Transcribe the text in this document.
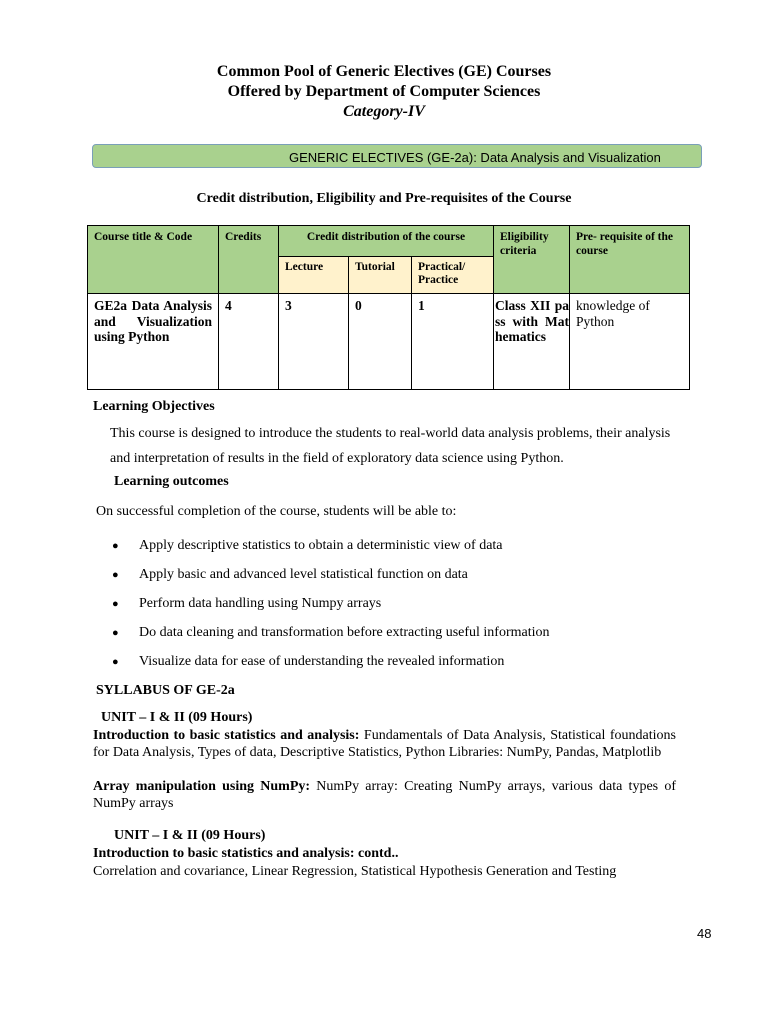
Common Pool of Generic Electives (GE) Courses
Offered by Department of Computer Sciences
Category-IV
GENERIC ELECTIVES (GE-2a): Data Analysis and Visualization
Credit distribution, Eligibility and Pre-requisites of the Course
Course title & Code	Credits	Credit distribution of the course			Eligibility criteria	Pre- requisite of the course
		Lecture	Tutorial	Practical/ Practice		
GE2a Data Analysis and Visualization using Python	4	3	0	1	Class XII pass with Mathematics	knowledge of Python
Learning Objectives
This course is designed to introduce the students to real-world data analysis problems, their analysis and interpretation of results in the field of exploratory data science using Python.
Learning outcomes
On successful completion of the course, students will be able to:
● Apply descriptive statistics to obtain a deterministic view of data
● Apply basic and advanced level statistical function on data
● Perform data handling using Numpy arrays
● Do data cleaning and transformation before extracting useful information
● Visualize data for ease of understanding the revealed information
SYLLABUS OF GE-2a
UNIT – I & II (09 Hours)
Introduction to basic statistics and analysis: Fundamentals of Data Analysis, Statistical foundations for Data Analysis, Types of data, Descriptive Statistics, Python Libraries: NumPy, Pandas, Matplotlib
Array manipulation using NumPy: NumPy array: Creating NumPy arrays, various data types of NumPy arrays
UNIT – I & II (09 Hours)
Introduction to basic statistics and analysis: contd..
Correlation and covariance, Linear Regression, Statistical Hypothesis Generation and Testing
48
